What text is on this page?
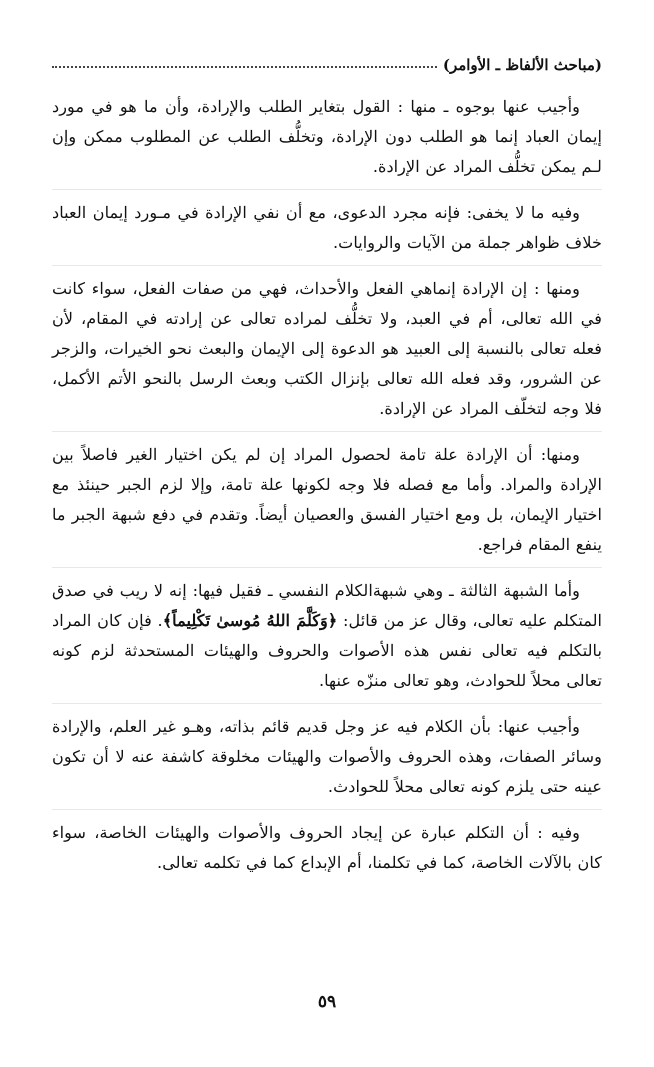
(مباحث الألفاظ ـ الأوامر)

وأجيب عنها بوجوه ـ منها : القول بتغاير الطلب والإرادة، وأن ما هو في مورد إيمان العباد إنما هو الطلب دون الإرادة، وتخلُّف الطلب عن المطلوب ممكن وإن لـم يمكن تخلُّف المراد عن الإرادة.

وفيه ما لا يخفى: فإنه مجرد الدعوى، مع أن نفي الإرادة في مـورد إيمان العباد خلاف ظواهر جملة من الآيات والروايات.

ومنها : إن الإرادة إنماهي الفعل والأحداث، فهي من صفات الفعل، سواء كانت في الله تعالى، أم في العبد، ولا تخلُّف لمراده تعالى عن إرادته في المقام، لأن فعله تعالى بالنسبة إلى العبيد هو الدعوة إلى الإيمان والبعث نحو الخيرات، والزجر عن الشرور، وقد فعله الله تعالى بإنزال الكتب وبعث الرسل بالنحو الأتم الأكمل، فلا وجه لتخلّف المراد عن الإرادة.

ومنها: أن الإرادة علة تامة لحصول المراد إن لم يكن اختيار الغير فاصلاً بين الإرادة والمراد. وأما مع فصله فلا وجه لكونها علة تامة، وإلا لزم الجبر حينئذ مع اختيار الإيمان، بل ومع اختيار الفسق والعصيان أيضاً. وتقدم في دفع شبهة الجبر ما ينفع المقام فراجع.

وأما الشبهة الثالثة ـ وهي شبهةالكلام النفسي ـ فقيل فيها: إنه لا ريب في صدق المتكلم عليه تعالى، وقال عز من قائل: ﴿وَكَلَّمَ اللهُ مُوسىٰ تَكْلِيماً﴾. فإن كان المراد بالتكلم فيه تعالى نفس هذه الأصوات والحروف والهيئات المستحدثة لزم كونه تعالى محلاً للحوادث، وهو تعالى منزّه عنها.

وأجيب عنها: بأن الكلام فيه عز وجل قديم قائم بذاته، وهـو غير العلم، والإرادة وسائر الصفات، وهذه الحروف والأصوات والهيئات مخلوقة كاشفة عنه لا أن تكون عينه حتى يلزم كونه تعالى محلاً للحوادث.

وفيه : أن التكلم عبارة عن إيجاد الحروف والأصوات والهيئات الخاصة، سواء كان بالآلات الخاصة، كما في تكلمنا، أم الإبداع كما في تكلمه تعالى.

٥٩
